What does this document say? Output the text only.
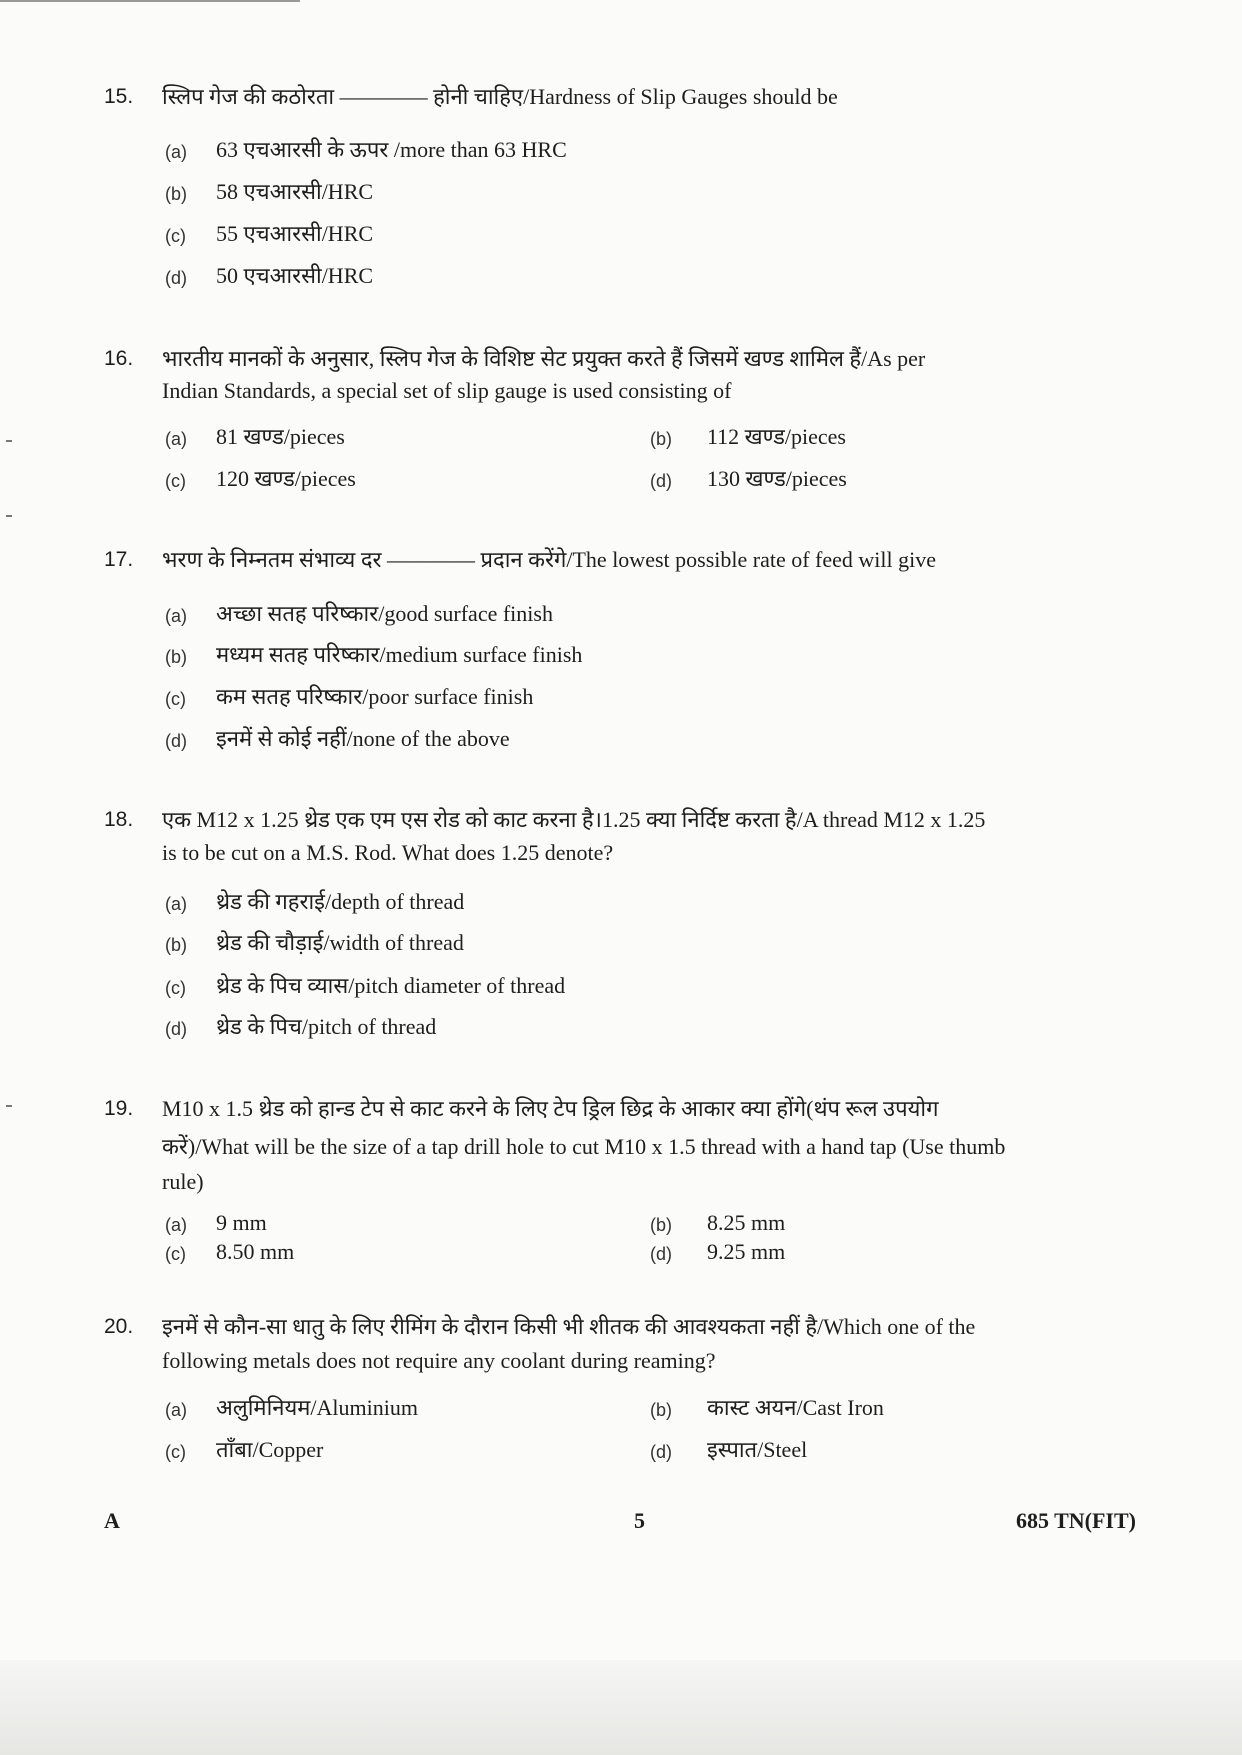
15. स्लिप गेज की कठोरता ———— होनी चाहिए/Hardness of Slip Gauges should be
(a) 63 एचआरसी के ऊपर /more than 63 HRC
(b) 58 एचआरसी/HRC
(c) 55 एचआरसी/HRC
(d) 50 एचआरसी/HRC
16. भारतीय मानकों के अनुसार, स्लिप गेज के विशिष्ट सेट प्रयुक्त करते हैं जिसमें खण्ड शामिल हैं/As per
Indian Standards, a special set of slip gauge is used consisting of
(a) 81 खण्ड/pieces	(b) 112 खण्ड/pieces
(c) 120 खण्ड/pieces	(d) 130 खण्ड/pieces
17. भरण के निम्नतम संभाव्य दर ———— प्रदान करेंगे/The lowest possible rate of feed will give
(a) अच्छा सतह परिष्कार/good surface finish
(b) मध्यम सतह परिष्कार/medium surface finish
(c) कम सतह परिष्कार/poor surface finish
(d) इनमें से कोई नहीं/none of the above
18. एक M12 x 1.25 थ्रेड एक एम एस रोड को काट करना है।1.25 क्या निर्दिष्ट करता है/A thread M12 x 1.25
is to be cut on a M.S. Rod. What does 1.25 denote?
(a) थ्रेड की गहराई/depth of thread
(b) थ्रेड की चौड़ाई/width of thread
(c) थ्रेड के पिच व्यास/pitch diameter of thread
(d) थ्रेड के पिच/pitch of thread
19. M10 x 1.5 थ्रेड को हान्ड टेप से काट करने के लिए टेप ड्रिल छिद्र के आकार क्या होंगे(थंप रूल उपयोग
करें)/What will be the size of a tap drill hole to cut M10 x 1.5 thread with a hand tap (Use thumb
rule)
(a) 9 mm	(b) 8.25 mm
(c) 8.50 mm	(d) 9.25 mm
20. इनमें से कौन-सा धातु के लिए रीमिंग के दौरान किसी भी शीतक की आवश्यकता नहीं है/Which one of the
following metals does not require any coolant during reaming?
(a) अलुमिनियम/Aluminium	(b) कास्ट अयन/Cast Iron
(c) ताँबा/Copper	(d) इस्पात/Steel
A	5	685 TN(FIT)
